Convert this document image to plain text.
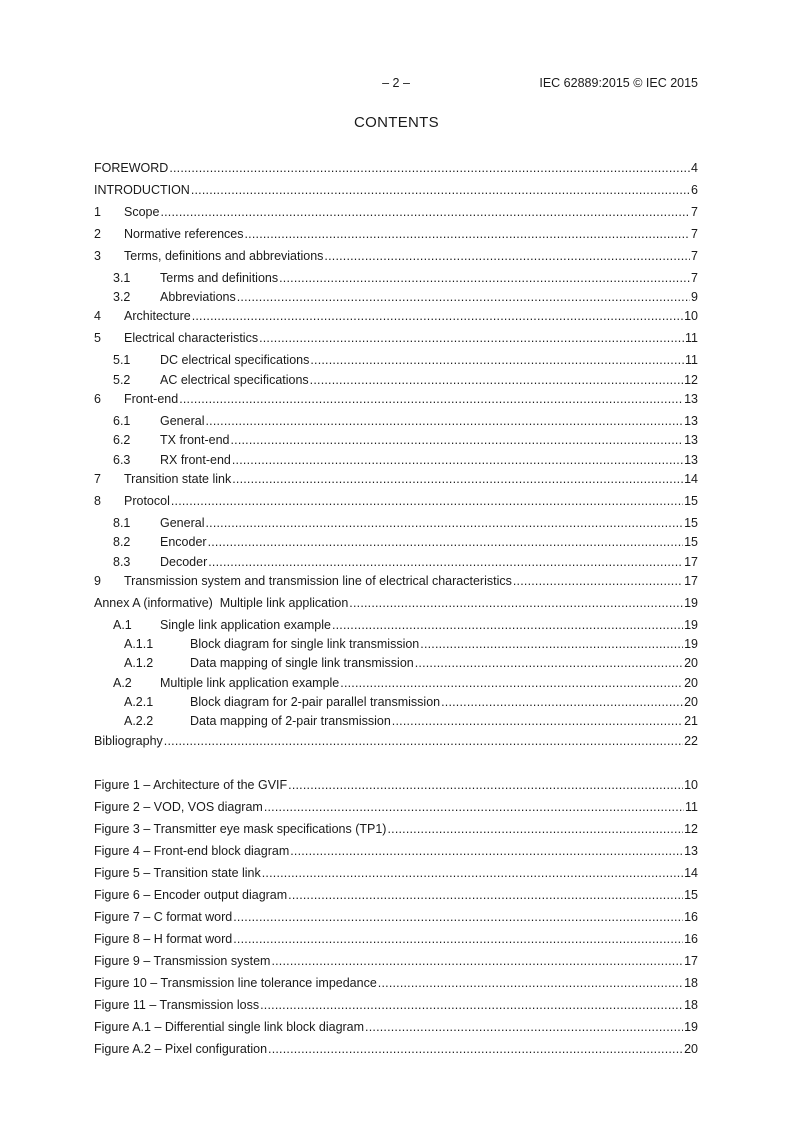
– 2 –	IEC 62889:2015 © IEC 2015
CONTENTS
FOREWORD .....	4
INTRODUCTION .....	6
1	Scope .....	7
2	Normative references .....	7
3	Terms, definitions and abbreviations .....	7
3.1	Terms and definitions .....	7
3.2	Abbreviations .....	9
4	Architecture .....	10
5	Electrical characteristics .....	11
5.1	DC electrical specifications .....	11
5.2	AC electrical specifications .....	12
6	Front-end .....	13
6.1	General .....	13
6.2	TX front-end .....	13
6.3	RX front-end .....	13
7	Transition state link .....	14
8	Protocol .....	15
8.1	General .....	15
8.2	Encoder .....	15
8.3	Decoder .....	17
9	Transmission system and transmission line of electrical characteristics .....	17
Annex A (informative)  Multiple link application .....	19
A.1	Single link application example .....	19
A.1.1	Block diagram for single link transmission .....	19
A.1.2	Data mapping of single link transmission .....	20
A.2	Multiple link application example .....	20
A.2.1	Block diagram for 2-pair parallel transmission .....	20
A.2.2	Data mapping of 2-pair transmission .....	21
Bibliography .....	22
Figure 1 – Architecture of the GVIF .....	10
Figure 2 – VOD, VOS diagram .....	11
Figure 3 – Transmitter eye mask specifications (TP1) .....	12
Figure 4 – Front-end block diagram .....	13
Figure 5 – Transition state link .....	14
Figure 6 – Encoder output diagram .....	15
Figure 7 – C format word .....	16
Figure 8 – H format word .....	16
Figure 9 – Transmission system .....	17
Figure 10 – Transmission line tolerance impedance .....	18
Figure 11 – Transmission loss .....	18
Figure A.1 – Differential single link block diagram .....	19
Figure A.2 – Pixel configuration .....	20
